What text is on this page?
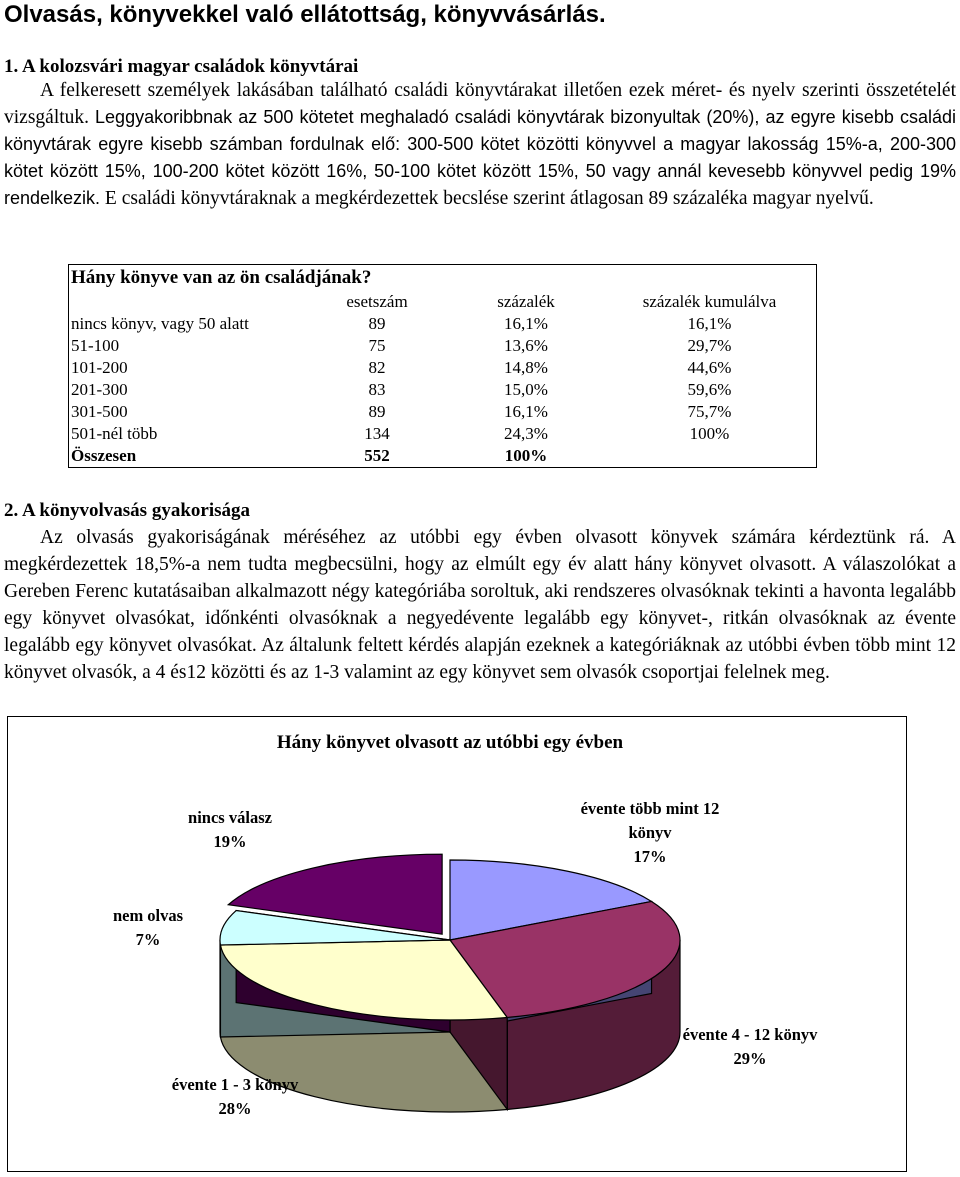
Olvasás, könyvekkel való ellátottság, könyvvásárlás.
1. A kolozsvári magyar családok könyvtárai

A felkeresett személyek lakásában található családi könyvtárakat illetően ezek méret- és nyelv szerinti összetételét vizsgáltuk. Leggyakoribbnak az 500 kötetet meghaladó családi könyvtárak bizonyultak (20%), az egyre kisebb családi könyvtárak egyre kisebb számban fordulnak elő: 300-500 kötet közötti könyvvel a magyar lakosság 15%-a, 200-300 kötet között 15%, 100-200 kötet között 16%, 50-100 kötet között 15%, 50 vagy annál kevesebb könyvvel pedig 19% rendelkezik. E családi könyvtáraknak a megkérdezettek becslése szerint átlagosan 89 százaléka magyar nyelvű.

Hány könyve van az ön családjának?			
	esetszám	százalék	százalék kumulálva
nincs könyv, vagy 50 alatt	89	16,1%	16,1%
51-100	75	13,6%	29,7%
101-200	82	14,8%	44,6%
201-300	83	15,0%	59,6%
301-500	89	16,1%	75,7%
501-nél több	134	24,3%	100%
Összesen	552	100%	
2. A könyvolvasás gyakorisága

Az olvasás gyakoriságának méréséhez az utóbbi egy évben olvasott könyvek számára kérdeztünk rá. A megkérdezettek 18,5%-a nem tudta megbecsülni, hogy az elmúlt egy év alatt hány könyvet olvasott. A válaszolókat a Gereben Ferenc kutatásaiban alkalmazott négy kategóriába soroltuk, aki rendszeres olvasóknak tekinti a havonta legalább egy könyvet olvasókat, időnkénti olvasóknak a negyedévente legalább egy könyvet-, ritkán olvasóknak az évente legalább egy könyvet olvasókat. Az általunk feltett kérdés alapján ezeknek a kategóriáknak az utóbbi évben több mint 12 könyvet olvasók, a 4 és12 közötti és az 1-3 valamint az egy könyvet sem olvasók csoportjai felelnek meg.

Hány könyvet olvasott az utóbbi egy évben
évente több mint 12 könyv
17%
évente 4 - 12 könyv
29%
évente 1 - 3 könyv
28%
nem olvas
7%
nincs válasz
19%
